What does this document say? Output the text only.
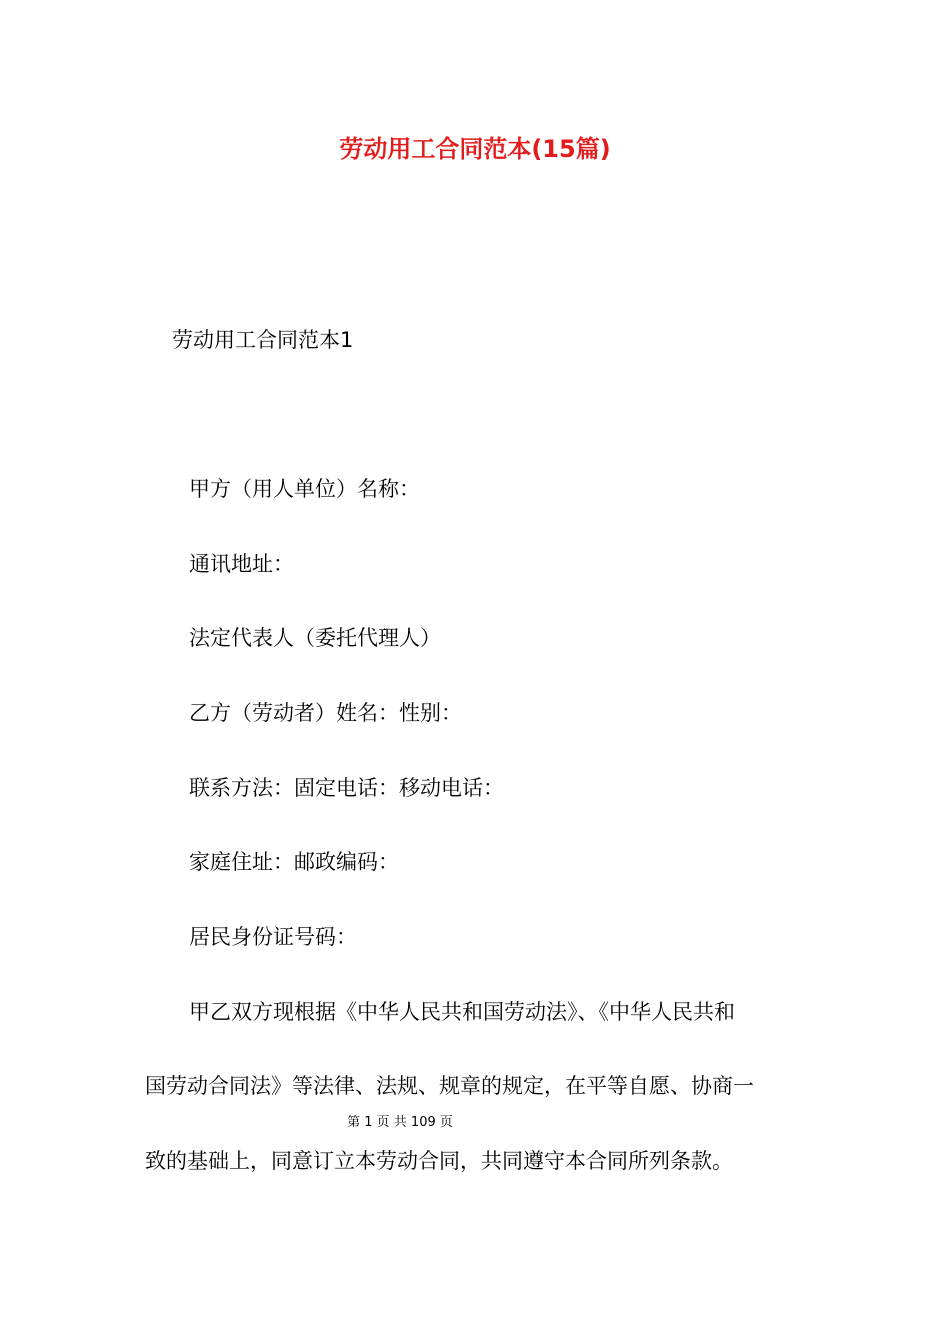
劳动用工合同范本(15篇)
劳动用工合同范本1

甲方（用人单位）名称：

通讯地址：

法定代表人（委托代理人）

乙方（劳动者）姓名：性别：

联系方法：固定电话：移动电话：

家庭住址：邮政编码：

居民身份证号码：

甲乙双方现根据《中华人民共和国劳动法》、《中华人民共和

国劳动合同法》等法律、法规、规章的规定，在平等自愿、协商一

第 1 页 共 109 页

致的基础上，同意订立本劳动合同，共同遵守本合同所列条款。
